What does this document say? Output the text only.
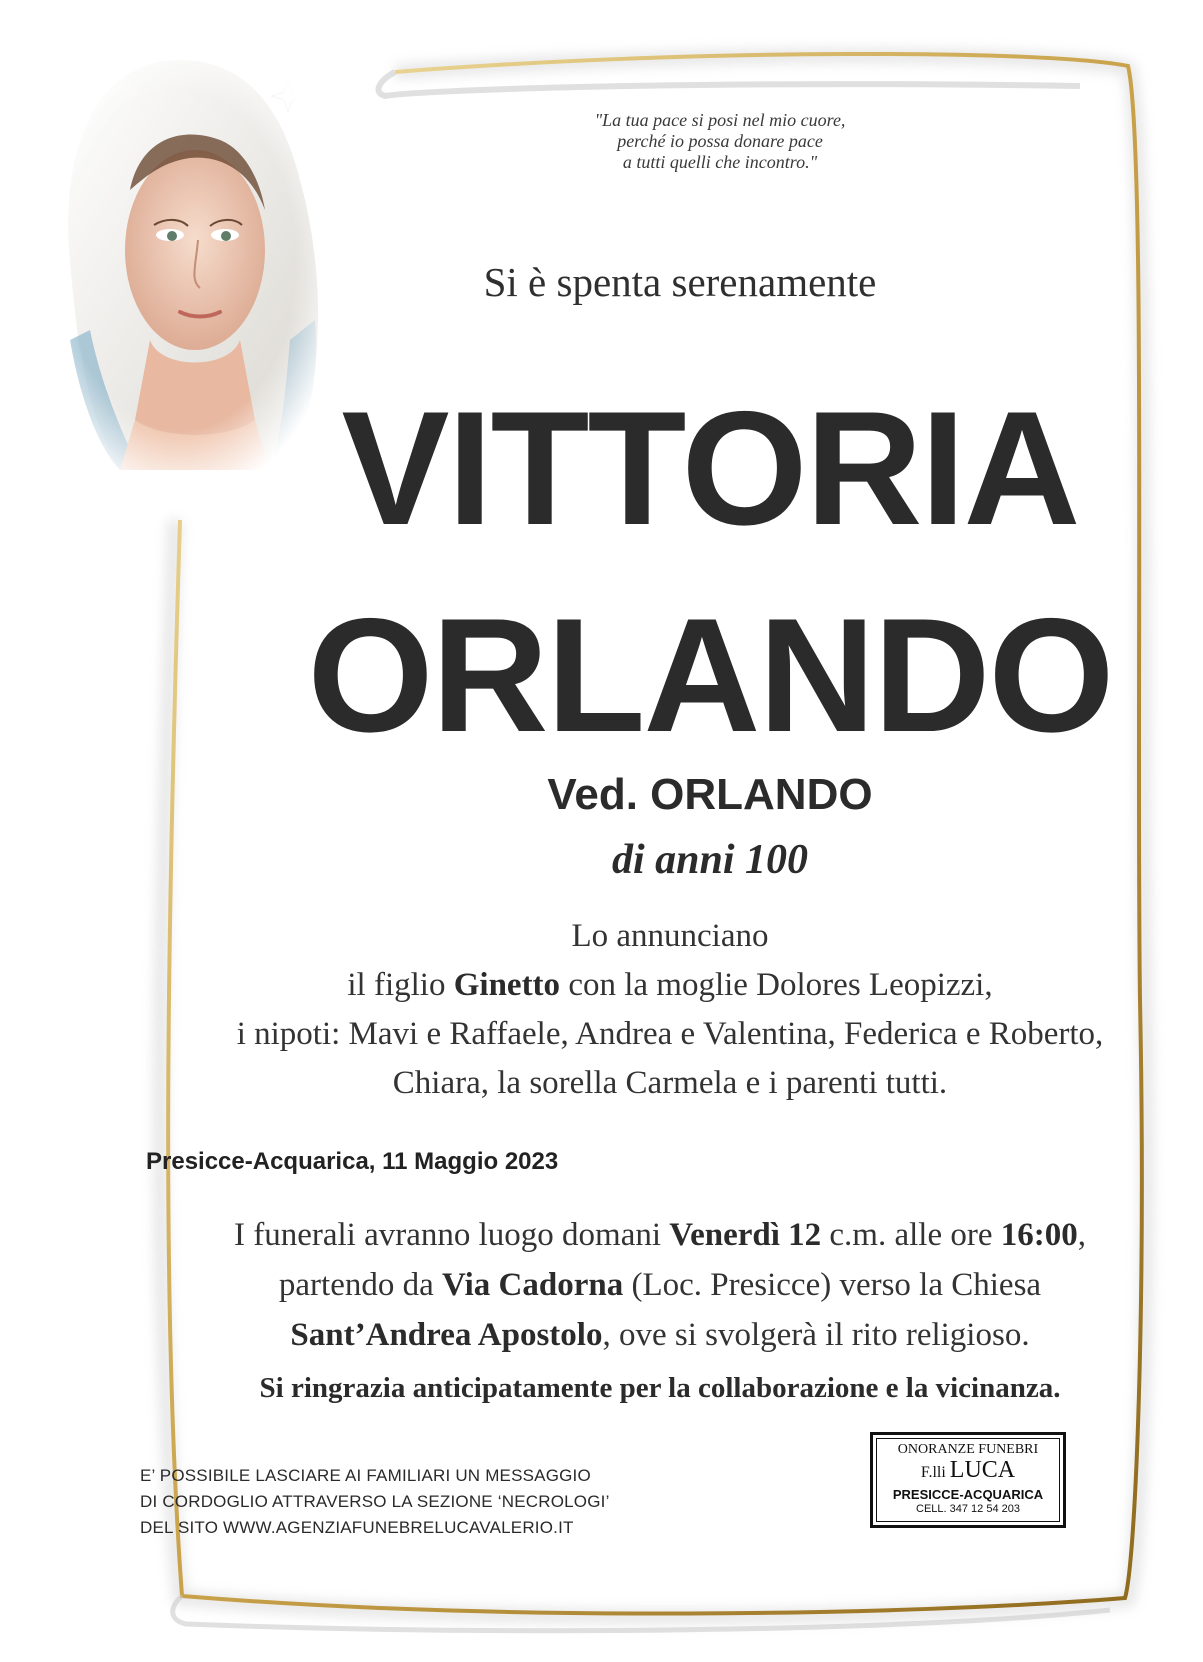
"La tua pace si posi nel mio cuore,
perché io possa donare pace
a tutti quelli che incontro."
Si è spenta serenamente
VITTORIA
ORLANDO
Ved. ORLANDO
di anni 100
Lo annunciano
il figlio Ginetto con la moglie Dolores Leopizzi,
i nipoti: Mavi e Raffaele, Andrea e Valentina, Federica e Roberto,
Chiara, la sorella Carmela e i parenti tutti.
Presicce-Acquarica, 11 Maggio 2023
I funerali avranno luogo domani Venerdì 12 c.m. alle ore 16:00,
partendo da Via Cadorna (Loc. Presicce) verso la Chiesa
Sant’Andrea Apostolo, ove si svolgerà il rito religioso.
Si ringrazia anticipatamente per la collaborazione e la vicinanza.
E’ POSSIBILE LASCIARE AI FAMILIARI UN MESSAGGIO
DI CORDOGLIO ATTRAVERSO LA SEZIONE ‘NECROLOGI’
DEL SITO WWW.AGENZIAFUNEBRELUCAVALERIO.IT
ONORANZE FUNEBRI
F.lli LUCA
PRESICCE-ACQUARICA
CELL. 347 12 54 203
